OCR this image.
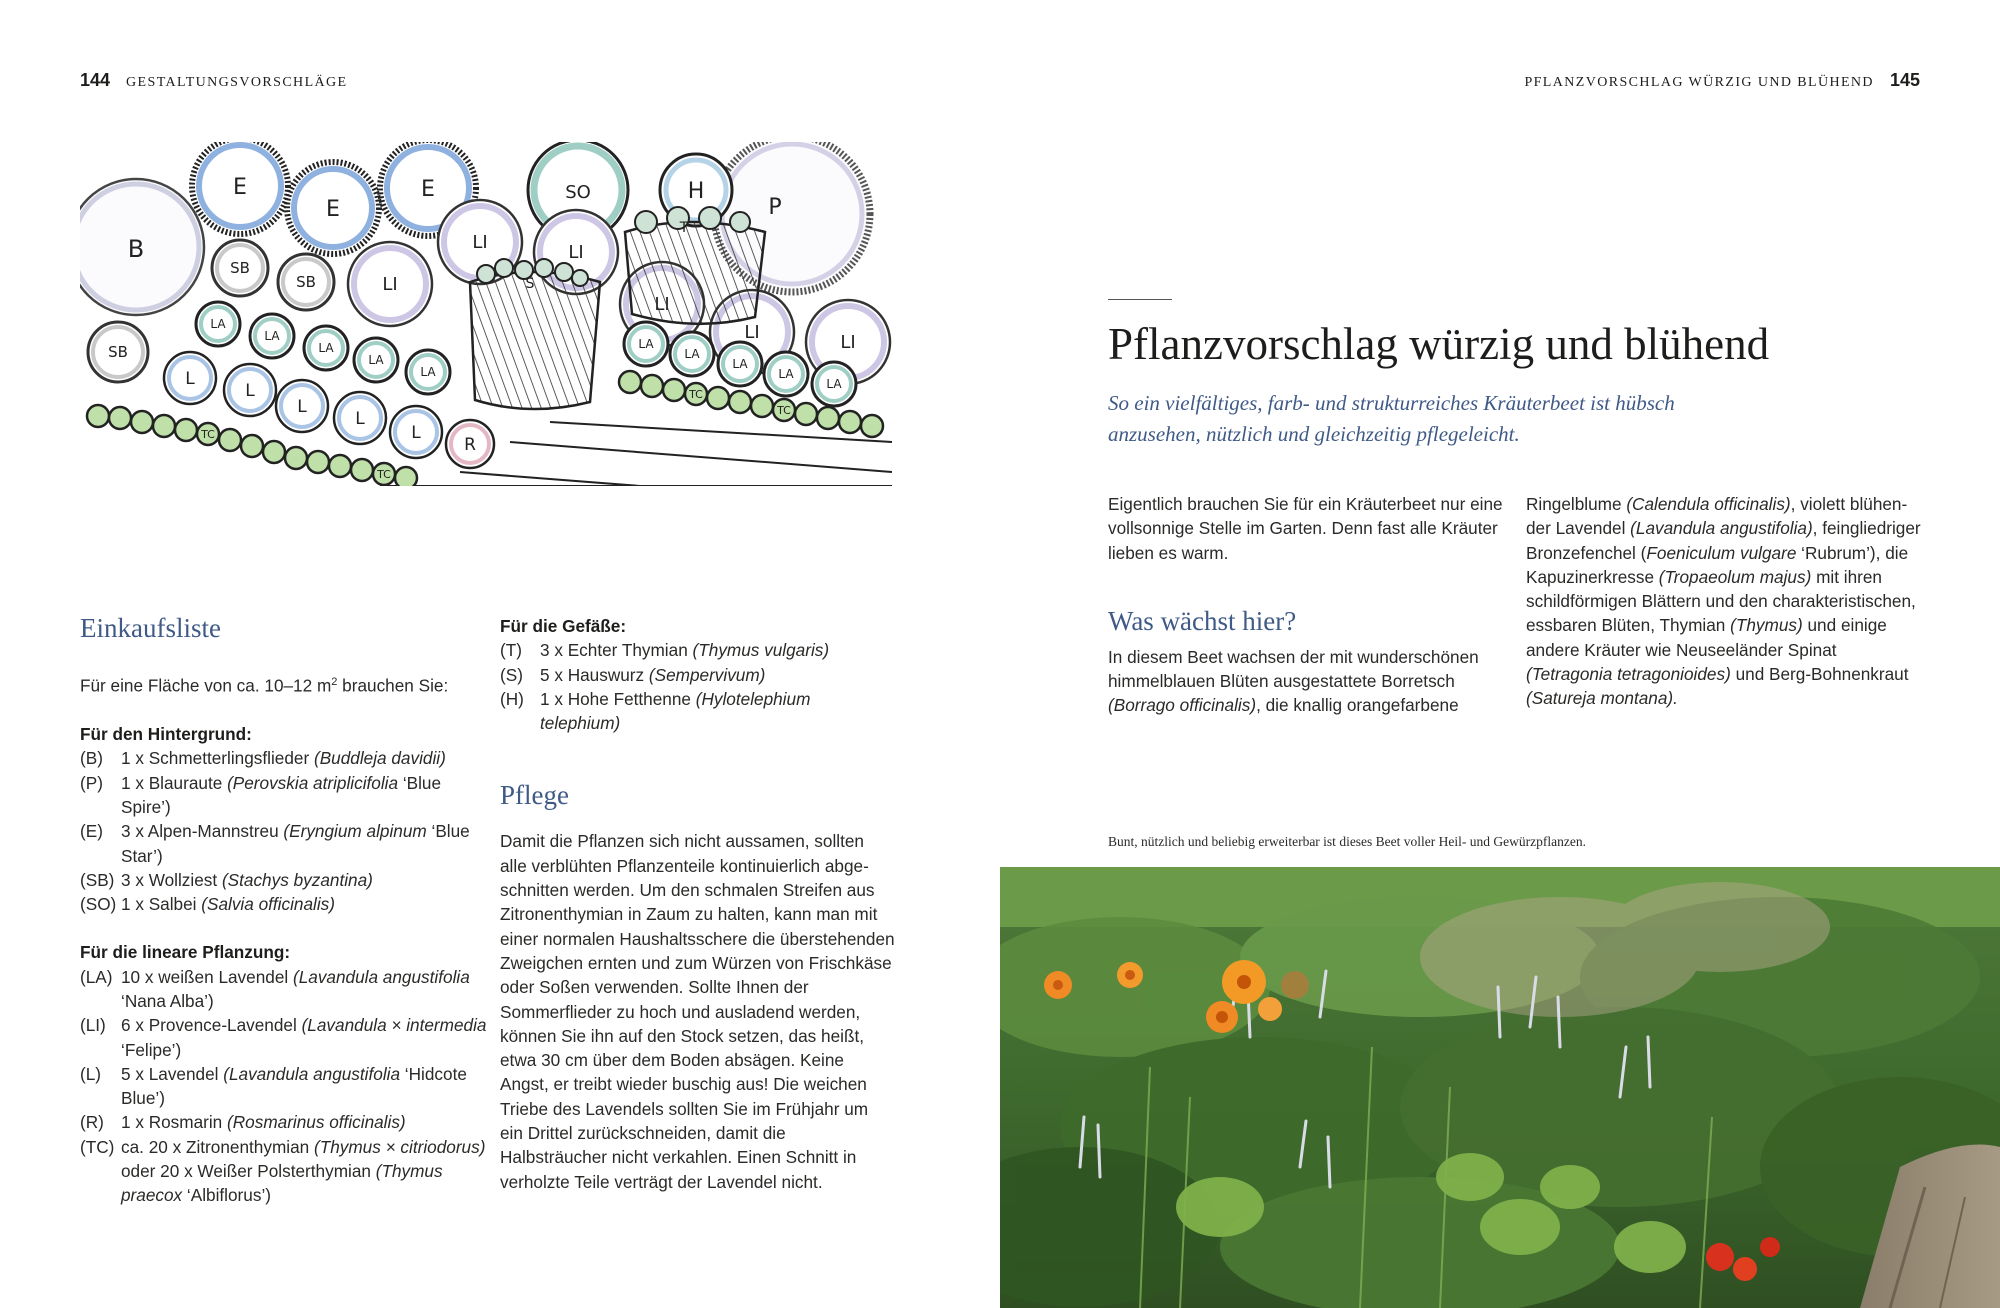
144 GESTALTUNGSVORSCHLÄGE	PFLANZVORSCHLAG WÜRZIG UND BLÜHEND 145
B
P
E
E
E	SO	H
SB
SB
SB
LI
LI	LI
LI	LI
S
T
LA
LA
LA
LA
LA
LA
LA
LA
LA
LA
L
L
L
L
L
R
TC
TC
TC
TC
Einkaufsliste

Für eine Fläche von ca. 10–12 $m^2$ brauchen Sie:

Für den Hintergrund:

(B)	1 x Schmetterlingsflieder (Buddleja davidii)
(P)	1 x Blauraute (Perovskia atriplicifolia ‘Blue Spire’)
(E)	3 x Alpen-Mannstreu (Eryngium alpinum ‘Blue Star’)
(SB) 3 x Wollziest (Stachys byzantina)
(SO) 1 x Salbei (Salvia officinalis)

Für die lineare Pflanzung:

(LA) 10 x weißen Lavendel (Lavandula angustifolia ‘Nana Alba’)
(LI) 6 x Provence-Lavendel (Lavandula × intermedia ‘Felipe’)
(L)	5 x Lavendel (Lavandula angustifolia ‘Hidcote Blue’)
(R) 1 x Rosmarin (Rosmarinus officinalis)
(TC) ca. 20 x Zitronenthymian (Thymus × citriodorus) oder 20 x Weißer Polsterthymian (Thymus praecox ‘Albiflorus’)

Für die Gefäße:

(T)	3 x Echter Thymian (Thymus vulgaris)
(S) 5 x Hauswurz (Sempervivum)
(H) 1 x Hohe Fetthenne (Hylotelephium telephium)
Pflege

Damit die Pflanzen sich nicht aussamen, sollten alle verblühten Pflanzenteile kontinuierlich abgeschnitten werden. Um den schmalen Streifen aus Zitronenthymian in Zaum zu halten, kann man mit einer normalen Haushaltsschere die überstehenden Zweigchen ernten und zum Würzen von Frischkäse oder Soßen verwenden. Sollte Ihnen der Sommerflieder zu hoch und ausladend werden, können Sie ihn auf den Stock setzen, das heißt, etwa 30 cm über dem Boden absägen. Keine Angst, er treibt wieder buschig aus! Die weichen Triebe des Lavendels sollten Sie im Frühjahr um ein Drittel zurückschneiden, damit die Halbsträucher nicht verkahlen. Einen Schnitt in verholzte Teile verträgt der Lavendel nicht.

Pflanzvorschlag würzig und blühend

So ein vielfältiges, farb- und strukturreiches Kräuterbeet ist hübsch anzusehen, nützlich und gleichzeitig pflegeleicht.

Eigentlich brauchen Sie für ein Kräuterbeet nur eine vollsonnige Stelle im Garten. Denn fast alle Kräuter lieben es warm.

Was wächst hier?

In diesem Beet wachsen der mit wunderschönen himmelblauen Blüten ausgestattete Borretsch (Borrago officinalis), die knallig orangefarbene

Ringelblume (Calendula officinalis), violett blühender Lavendel (Lavandula angustifolia), feingliedriger Bronzefenchel (Foeniculum vulgare ‘Rubrum’), die Kapuzinerkresse (Tropaeolum majus) mit ihren schildförmigen Blättern und den charakteristischen, essbaren Blüten, Thymian (Thymus) und einige andere Kräuter wie Neuseeländer Spinat (Tetragonia tetragonioides) und Berg-Bohnenkraut (Satureja montana).

Bunt, nützlich und beliebig erweiterbar ist dieses Beet voller Heil- und Gewürzpflanzen.
